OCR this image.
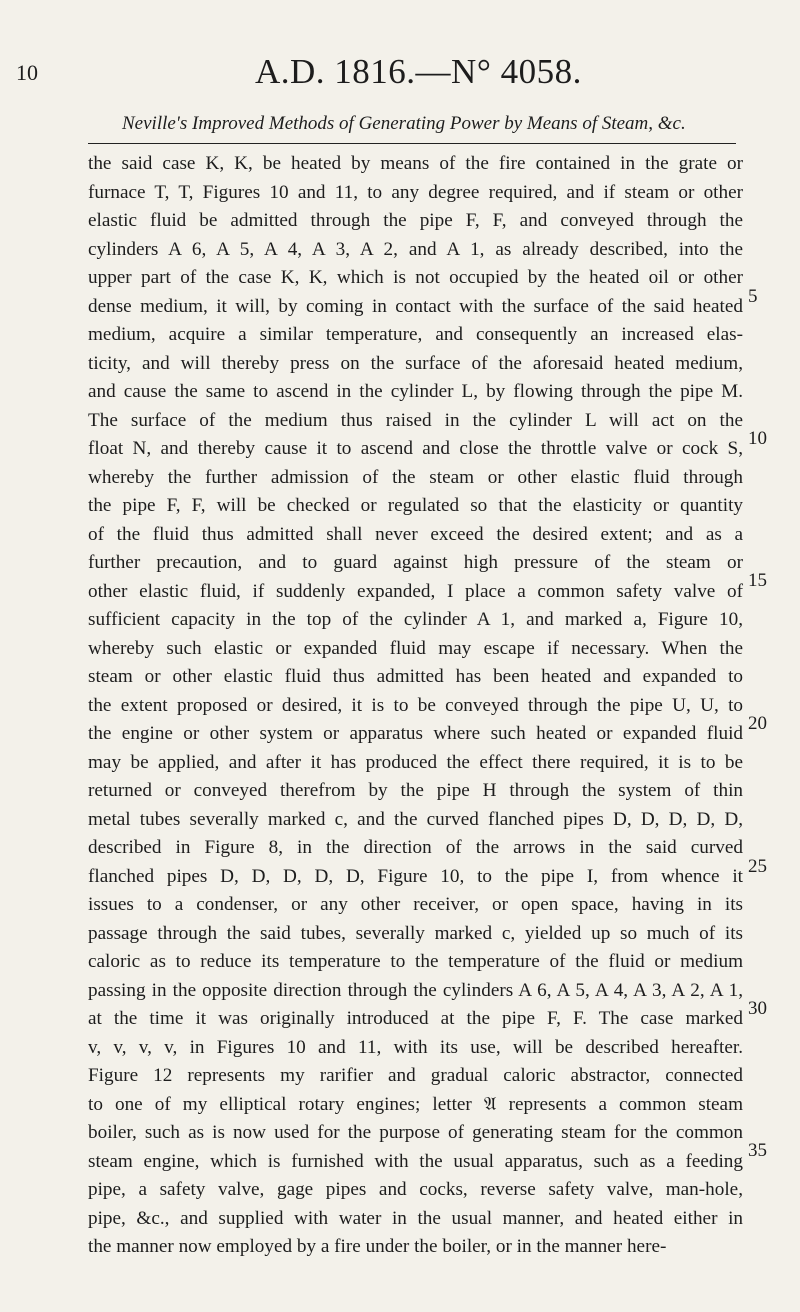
10	A.D. 1816.—N° 4058.
Neville's Improved Methods of Generating Power by Means of Steam, &c.
the said case K, K, be heated by means of the fire contained in the grate or
furnace T, T, Figures 10 and 11, to any degree required, and if steam or other
elastic fluid be admitted through the pipe F, F, and conveyed through the
cylinders A 6, A 5, A 4, A 3, A 2, and A 1, as already described, into the
upper part of the case K, K, which is not occupied by the heated oil or other
dense medium, it will, by coming in contact with the surface of the said heated
medium, acquire a similar temperature, and consequently an increased elas-
ticity, and will thereby press on the surface of the aforesaid heated medium,
and cause the same to ascend in the cylinder L, by flowing through the pipe M.
The surface of the medium thus raised in the cylinder L will act on the
float N, and thereby cause it to ascend and close the throttle valve or cock S,
whereby the further admission of the steam or other elastic fluid through
the pipe F, F, will be checked or regulated so that the elasticity or quantity
of the fluid thus admitted shall never exceed the desired extent; and as a
further precaution, and to guard against high pressure of the steam or
other elastic fluid, if suddenly expanded, I place a common safety valve of
sufficient capacity in the top of the cylinder A 1, and marked a, Figure 10,
whereby such elastic or expanded fluid may escape if necessary. When the
steam or other elastic fluid thus admitted has been heated and expanded to
the extent proposed or desired, it is to be conveyed through the pipe U, U, to
the engine or other system or apparatus where such heated or expanded fluid
may be applied, and after it has produced the effect there required, it is to be
returned or conveyed therefrom by the pipe H through the system of thin
metal tubes severally marked c, and the curved flanched pipes D, D, D, D, D,
described in Figure 8, in the direction of the arrows in the said curved
flanched pipes D, D, D, D, D, Figure 10, to the pipe I, from whence it
issues to a condenser, or any other receiver, or open space, having in its
passage through the said tubes, severally marked c, yielded up so much of its
caloric as to reduce its temperature to the temperature of the fluid or medium
passing in the opposite direction through the cylinders A 6, A 5, A 4, A 3, A 2, A 1,
at the time it was originally introduced at the pipe F, F. The case marked
v, v, v, v, in Figures 10 and 11, with its use, will be described hereafter.
Figure 12 represents my rarifier and gradual caloric abstractor, connected
to one of my elliptical rotary engines; letter 𝔄 represents a common steam
boiler, such as is now used for the purpose of generating steam for the common
steam engine, which is furnished with the usual apparatus, such as a feeding
pipe, a safety valve, gage pipes and cocks, reverse safety valve, man-hole,
pipe, &c., and supplied with water in the usual manner, and heated either in
the manner now employed by a fire under the boiler, or in the manner here-
5
10
15
20
25
30
35
